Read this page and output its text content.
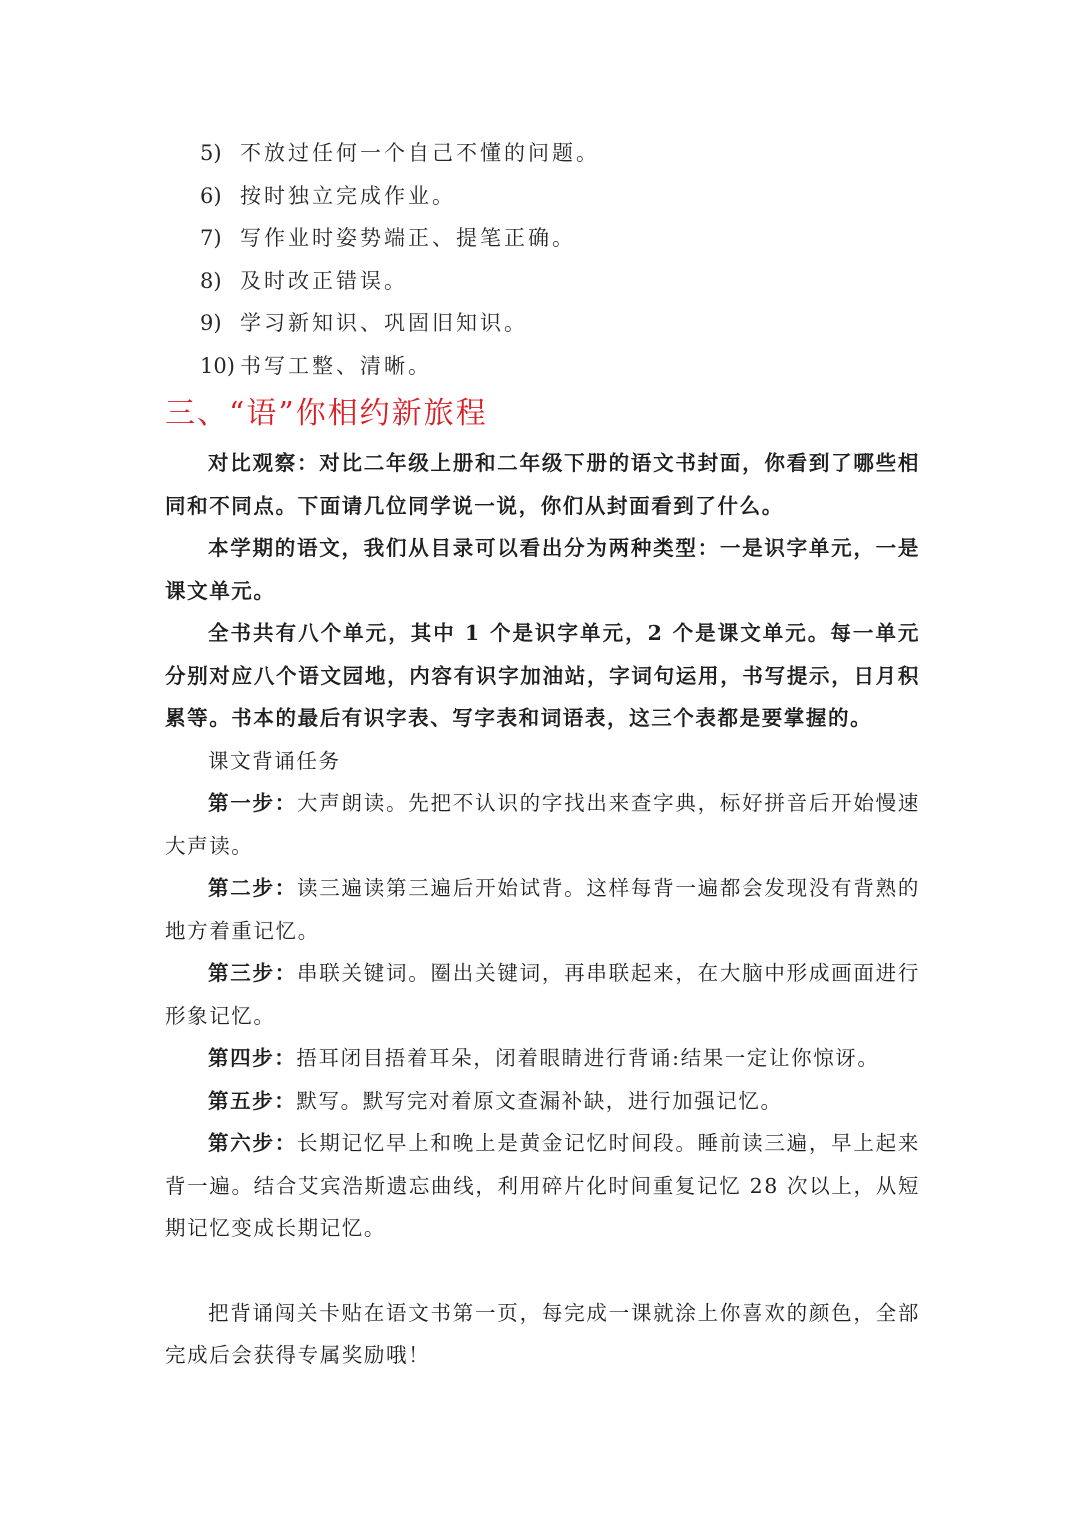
5) 不放过任何一个自己不懂的问题。
6) 按时独立完成作业。
7) 写作业时姿势端正、提笔正确。
8) 及时改正错误。
9) 学习新知识、巩固旧知识。
10) 书写工整、清晰。
三、“语”你相约新旅程

对比观察：对比二年级上册和二年级下册的语文书封面，你看到了哪些相同和不同点。下面请几位同学说一说，你们从封面看到了什么。

本学期的语文，我们从目录可以看出分为两种类型：一是识字单元，一是课文单元。

全书共有八个单元，其中 1 个是识字单元，2 个是课文单元。每一单元分别对应八个语文园地，内容有识字加油站，字词句运用，书写提示，日月积累等。书本的最后有识字表、写字表和词语表，这三个表都是要掌握的。

课文背诵任务

第一步：大声朗读。先把不认识的字找出来查字典，标好拼音后开始慢速大声读。

第二步：读三遍读第三遍后开始试背。这样每背一遍都会发现没有背熟的地方着重记忆。

第三步：串联关键词。圈出关键词，再串联起来，在大脑中形成画面进行形象记忆。

第四步：捂耳闭目捂着耳朵，闭着眼睛进行背诵:结果一定让你惊讶。

第五步：默写。默写完对着原文查漏补缺，进行加强记忆。

第六步：长期记忆早上和晚上是黄金记忆时间段。睡前读三遍，早上起来背一遍。结合艾宾浩斯遗忘曲线，利用碎片化时间重复记忆 28 次以上，从短期记忆变成长期记忆。

把背诵闯关卡贴在语文书第一页，每完成一课就涂上你喜欢的颜色，全部完成后会获得专属奖励哦！
